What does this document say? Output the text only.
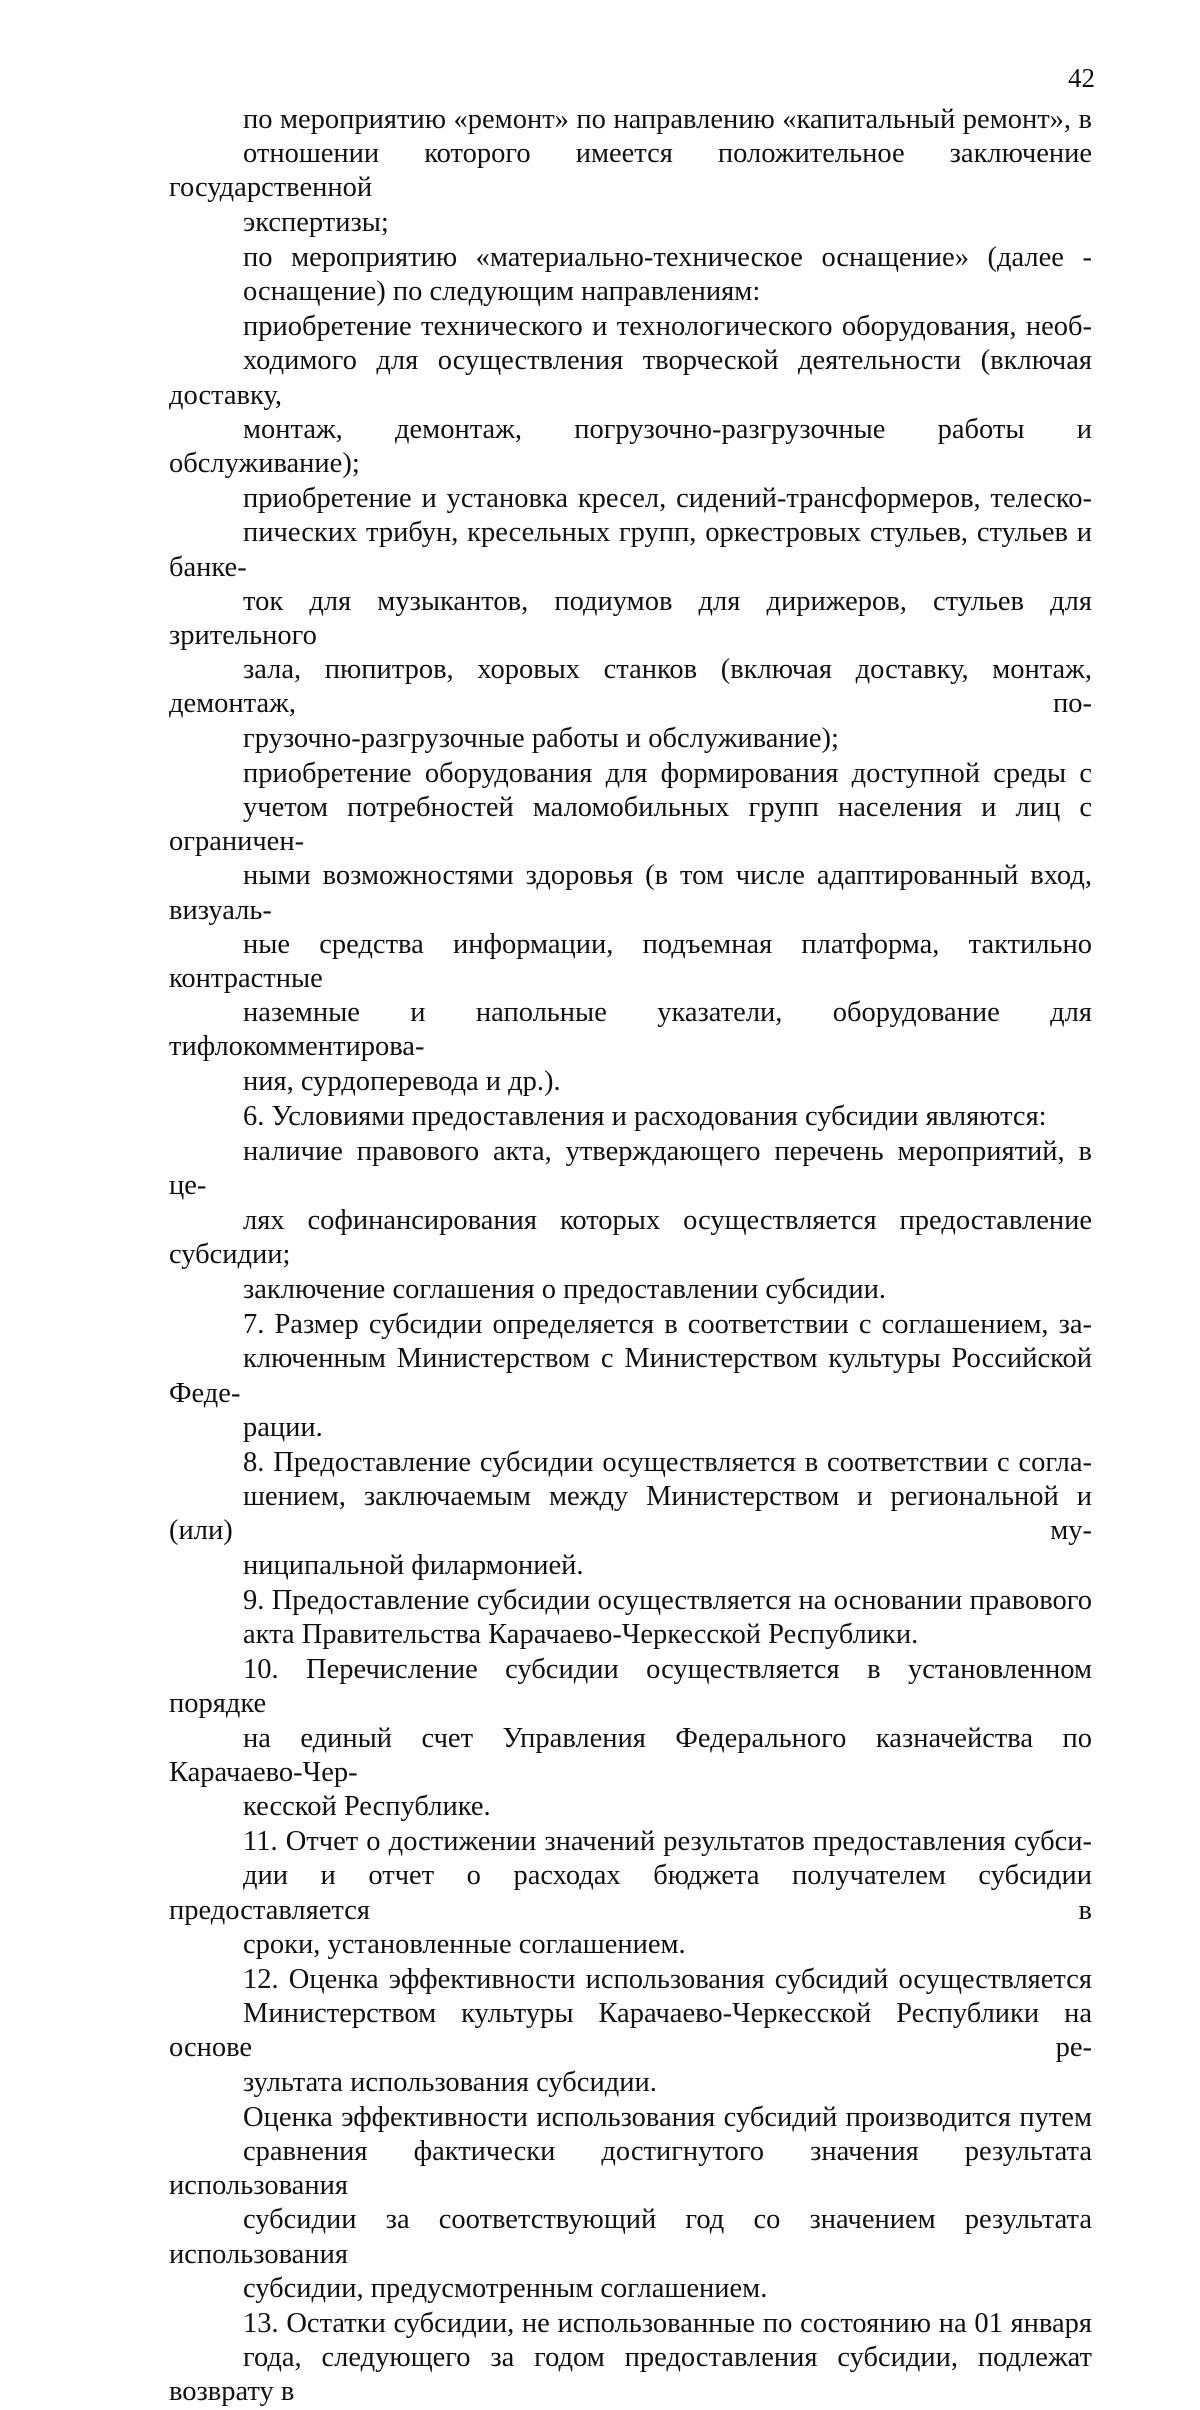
42
по мероприятию «ремонт» по направлению «капитальный ремонт», в
отношении которого имеется положительное заключение государственной
экспертизы;
по мероприятию «материально-техническое оснащение» (далее -
оснащение) по следующим направлениям:
приобретение технического и технологического оборудования, необ-
ходимого для осуществления творческой деятельности (включая доставку,
монтаж, демонтаж, погрузочно-разгрузочные работы и обслуживание);
приобретение и установка кресел, сидений-трансформеров, телеско-
пических трибун, кресельных групп, оркестровых стульев, стульев и банке-
ток для музыкантов, подиумов для дирижеров, стульев для зрительного
зала, пюпитров, хоровых станков (включая доставку, монтаж, демонтаж, по-
грузочно-разгрузочные работы и обслуживание);
приобретение оборудования для формирования доступной среды с
учетом потребностей маломобильных групп населения и лиц с ограничен-
ными возможностями здоровья (в том числе адаптированный вход, визуаль-
ные средства информации, подъемная платформа, тактильно контрастные
наземные и напольные указатели, оборудование для тифлокомментирова-
ния, сурдоперевода и др.).
6. Условиями предоставления и расходования субсидии являются:
наличие правового акта, утверждающего перечень мероприятий, в це-
лях софинансирования которых осуществляется предоставление субсидии;
заключение соглашения о предоставлении субсидии.
7. Размер субсидии определяется в соответствии с соглашением, за-
ключенным Министерством с Министерством культуры Российской Феде-
рации.
8. Предоставление субсидии осуществляется в соответствии с согла-
шением, заключаемым между Министерством и региональной и (или) му-
ниципальной филармонией.
9. Предоставление субсидии осуществляется на основании правового
акта Правительства Карачаево-Черкесской Республики.
10. Перечисление субсидии осуществляется в установленном порядке
на единый счет Управления Федерального казначейства по Карачаево-Чер-
кесской Республике.
11. Отчет о достижении значений результатов предоставления субси-
дии и отчет о расходах бюджета получателем субсидии предоставляется в
сроки, установленные соглашением.
12. Оценка эффективности использования субсидий осуществляется
Министерством культуры Карачаево-Черкесской Республики на основе ре-
зультата использования субсидии.
Оценка эффективности использования субсидий производится путем
сравнения фактически достигнутого значения результата использования
субсидии за соответствующий год со значением результата использования
субсидии, предусмотренным соглашением.
13. Остатки субсидии, не использованные по состоянию на 01 января
года, следующего за годом предоставления субсидии, подлежат возврату в
